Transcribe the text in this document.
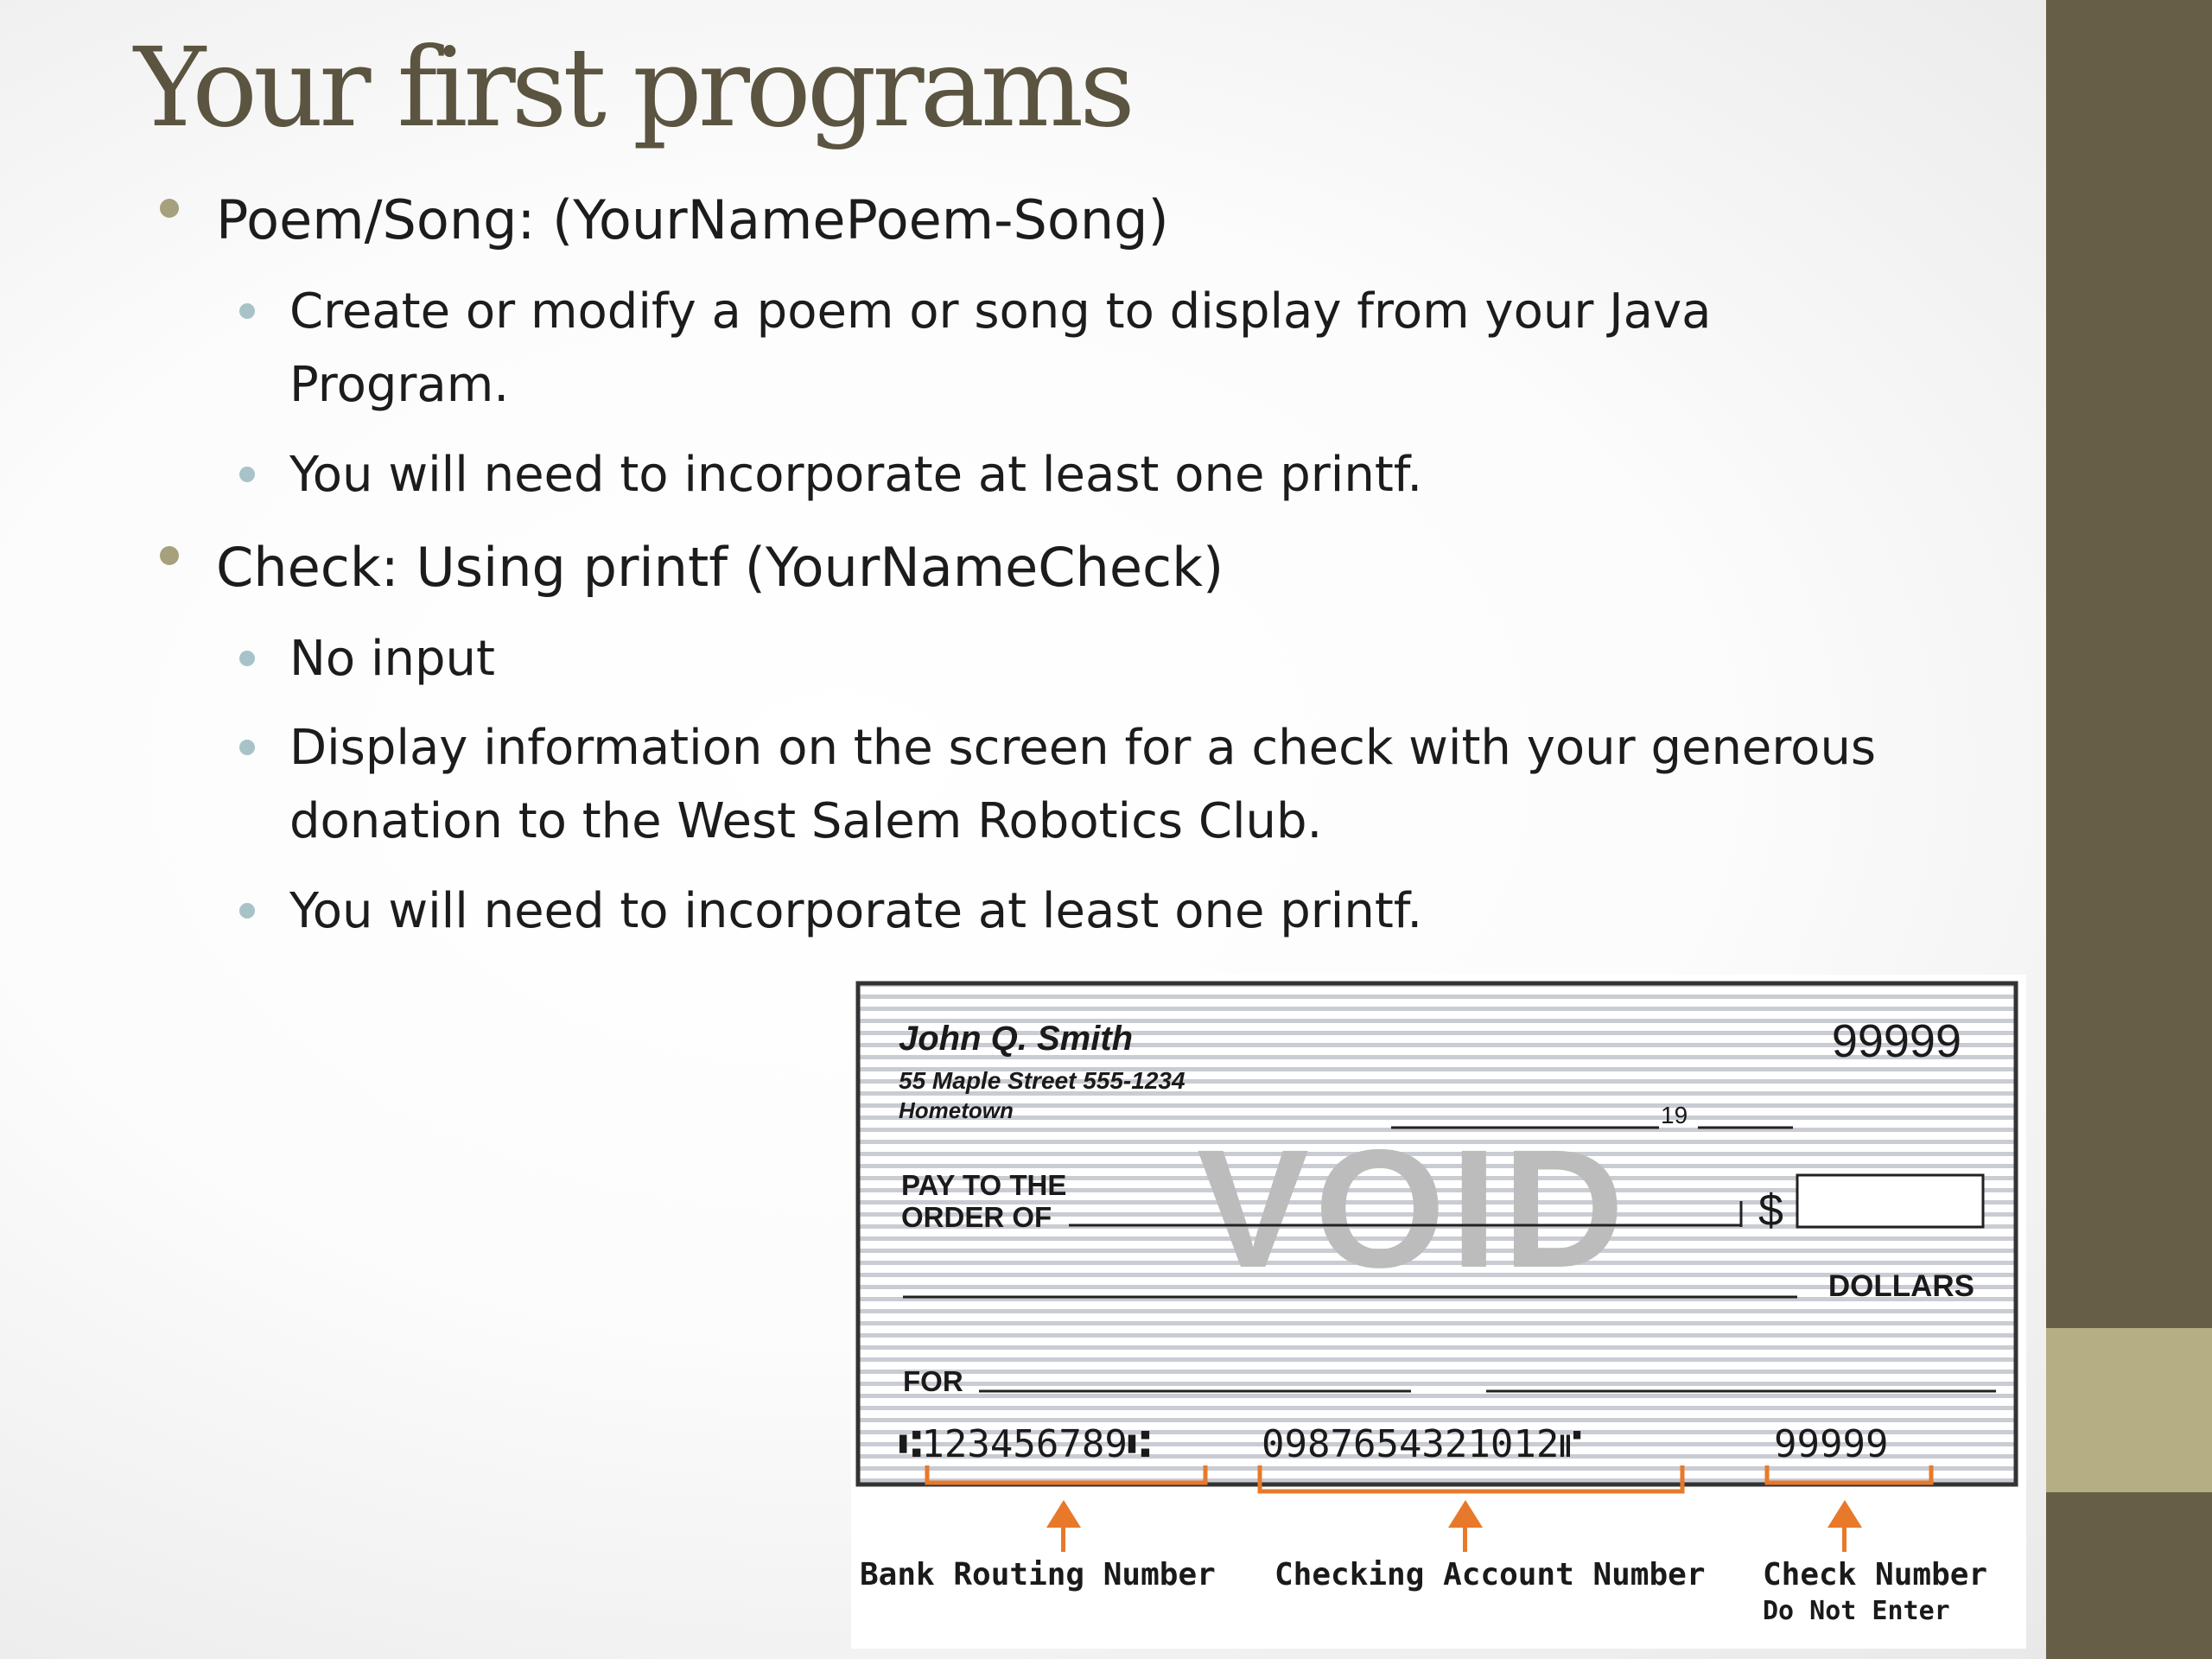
Your first programs
Poem/Song: (YourNamePoem-Song)
Create or modify a poem or song to display from your Java
Program.
You will need to incorporate at least one printf.
Check: Using printf (YourNameCheck)
No input
Display information on the screen for a check with your generous
donation to the West Salem Robotics Club.
You will need to incorporate at least one printf.
John Q. Smith
55 Maple Street 555-1234
Hometown
99999
19
VOID
PAY TO THE
ORDER OF	$
DOLLARS
FOR
⑆123456789⑆	0987654321012⑈	99999
Bank Routing Number Checking Account Number Check Number
Do Not Enter
